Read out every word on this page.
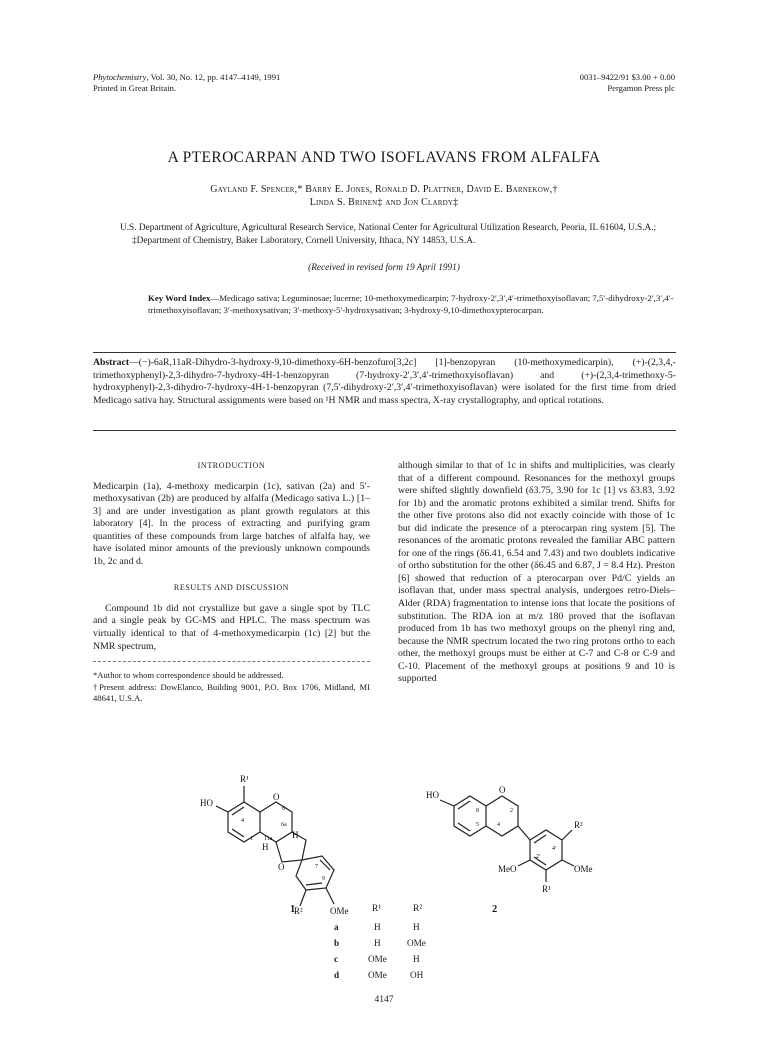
Phytochemistry, Vol. 30, No. 12, pp. 4147–4149, 1991
Printed in Great Britain.
0031–9422/91 $3.00 + 0.00
Pergamon Press plc
A PTEROCARPAN AND TWO ISOFLAVANS FROM ALFALFA
Gayland F. Spencer,* Barry E. Jones, Ronald D. Plattner, David E. Barnekow,†
Linda S. Brinen‡ and Jon Clardy‡
U.S. Department of Agriculture, Agricultural Research Service, National Center for Agricultural Utilization Research, Peoria, IL 61604, U.S.A.; ‡Department of Chemistry, Baker Laboratory, Cornell University, Ithaca, NY 14853, U.S.A.
(Received in revised form 19 April 1991)
Key Word Index—Medicago sativa; Leguminosae; lucerne; 10-methoxymedicarpin; 7-hydroxy-2′,3′,4′-trimethoxyisoflavan; 7,5′-dihydroxy-2′,3′,4′-trimethoxyisoflavan; 3′-methoxysativan; 3′-methoxy-5′-hydroxysativan; 3-hydroxy-9,10-dimethoxypterocarpan.
Abstract—(−)-6aR,11aR-Dihydro-3-hydroxy-9,10-dimethoxy-6H-benzofuro[3,2c] [1]-benzopyran (10-methoxymedicarpin), (+)-(2,3,4,-trimethoxyphenyl)-2,3-dihydro-7-hydroxy-4H-1-benzopyran (7-hydroxy-2′,3′,4′-trimethoxyisoflavan) and (+)-(2,3,4-trimethoxy-5-hydroxyphenyl)-2,3-dihydro-7-hydroxy-4H-1-benzopyran (7,5′-dihydroxy-2′,3′,4′-trimethoxyisoflavan) were isolated for the first time from dried Medicago sativa hay. Structural assignments were based on ¹H NMR and mass spectra, X-ray crystallography, and optical rotations.
INTRODUCTION

Medicarpin (1a), 4-methoxy medicarpin (1c), sativan (2a) and 5′-methoxysativan (2b) are produced by alfalfa (Medicago sativa L.) [1–3] and are under investigation as plant growth regulators at this laboratory [4]. In the process of extracting and purifying gram quantities of these compounds from large batches of alfalfa hay, we have isolated minor amounts of the previously unknown compounds 1b, 2c and d.

RESULTS AND DISCUSSION

Compound 1b did not crystallize but gave a single spot by TLC and a single peak by GC-MS and HPLC. The mass spectrum was virtually identical to that of 4-methoxymedicarpin (1c) [2] but the NMR spectrum,

*Author to whom correspondence should be addressed.

†Present address: DowElanco, Building 9001, P.O. Box 1706, Midland, MI 48641, U.S.A.

although similar to that of 1c in shifts and multiplicities, was clearly that of a different compound. Resonances for the methoxyl groups were shifted slightly downfield (δ3.75, 3.90 for 1c [1] vs δ3.83, 3.92 for 1b) and the aromatic protons exhibited a similar trend. Shifts for the other five protons also did not exactly coincide with those of 1c but did indicate the presence of a pterocarpan ring system [5]. The resonances of the aromatic protons revealed the familiar ABC pattern for one of the rings (δ6.41, 6.54 and 7.43) and two doublets indicative of ortho substitution for the other (δ6.45 and 6.87, J = 8.4 Hz). Preston [6] showed that reduction of a pterocarpan over Pd/C yields an isoflavan that, under mass spectral analysis, undergoes retro-Diels–Alder (RDA) fragmentation to intense ions that locate the positions of substitution. The RDA ion at m/z 180 proved that the isoflavan produced from 1b has two methoxyl groups on the phenyl ring and, because the NMR spectrum located the two ring protons ortho to each other, the methoxyl groups must be either at C-7 and C-8 or C-9 and C-10. Placement of the methoxyl groups at positions 9 and 10 is supported

R¹
HO
H
H
O
O
R²	OMe
4
6
6a
11a
1
7
9
HO	O
R²
MeO	OMe
R¹
2
4
8
5
2′
4′
1	2
R¹	R²
a	H	H
b	H	OMe
c	OMe	H
d	OMe	OH
4147
